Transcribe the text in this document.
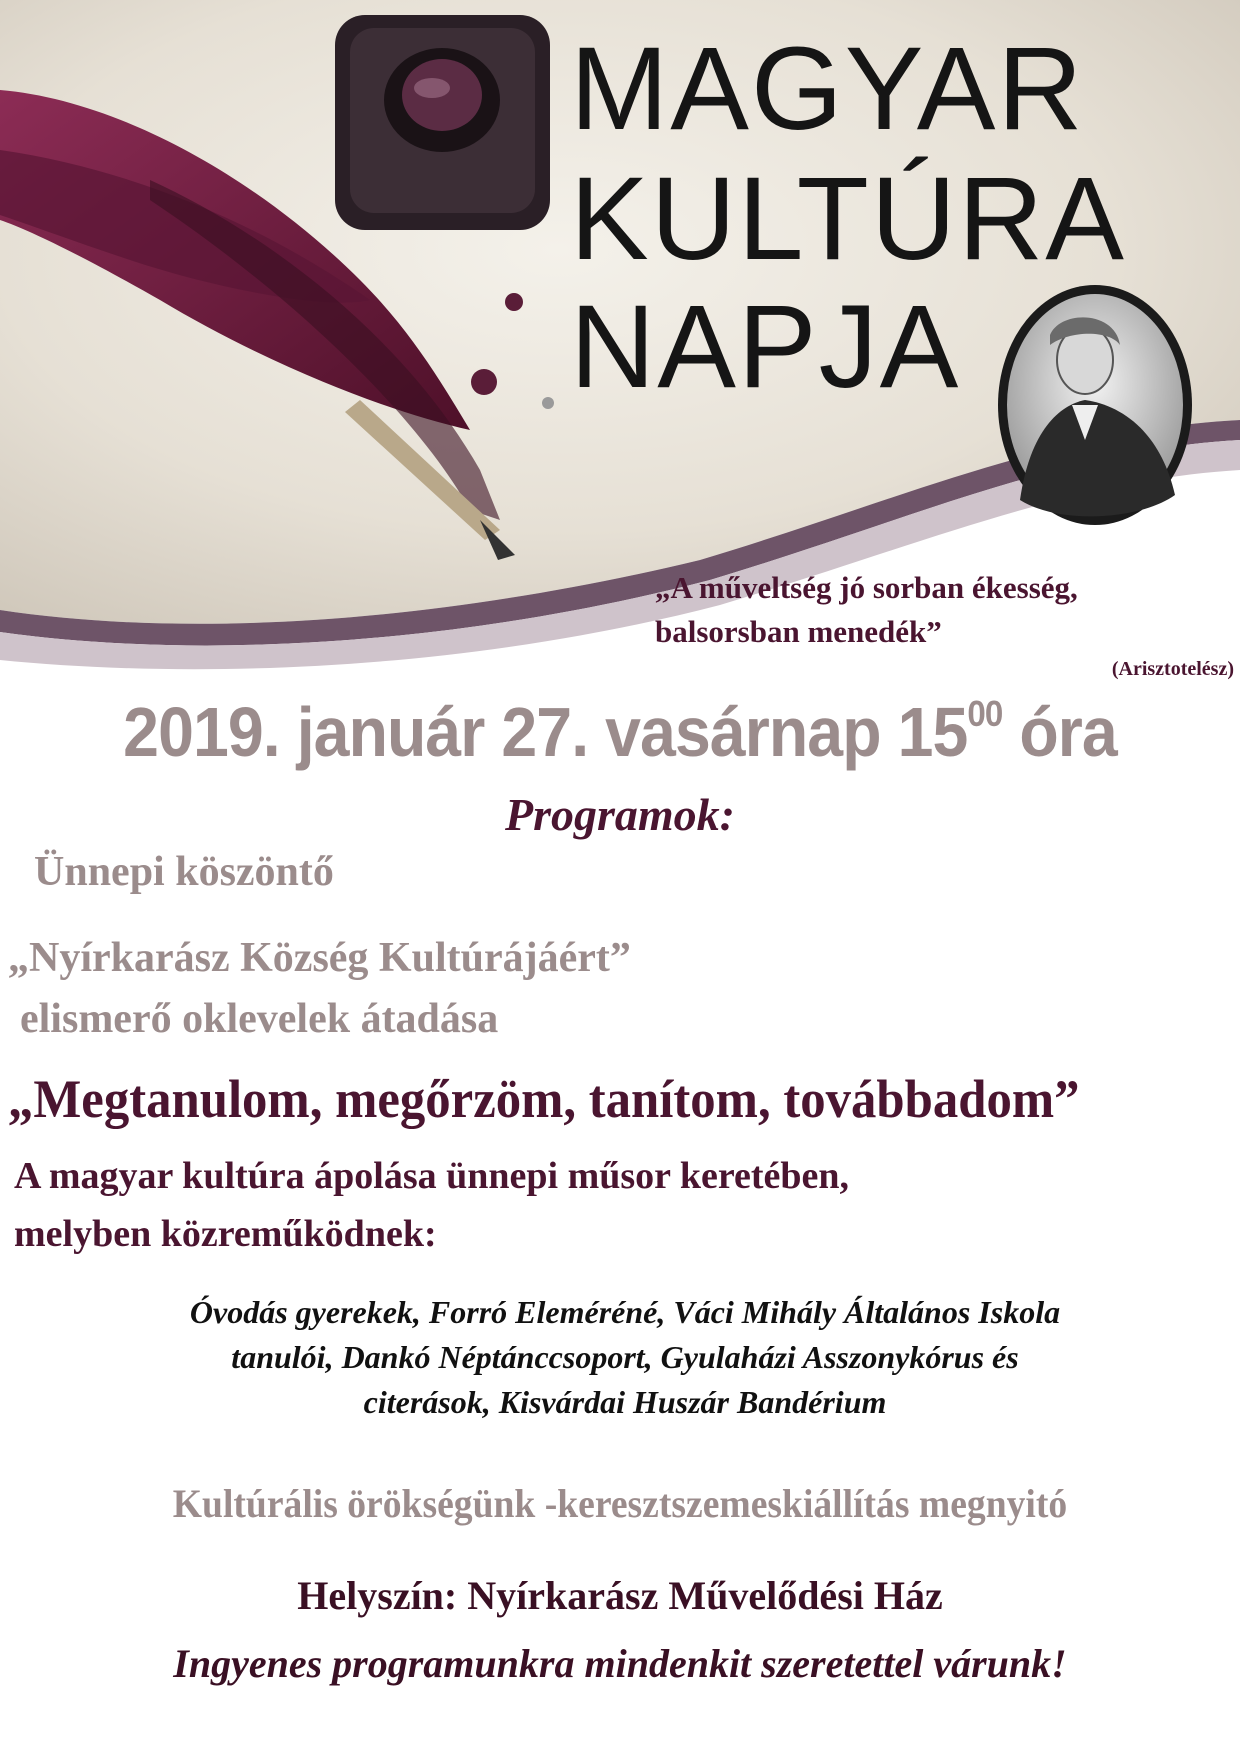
MAGYAR
KULTÚRA
NAPJA
„A műveltség jó sorban ékesség,
balsorsban menedék”
(Arisztotelész)
2019. január 27. vasárnap $15^{00}$ óra
Programok:
Ünnepi köszöntő
„Nyírkarász Község Kultúrájáért”
elismerő oklevelek átadása
„Megtanulom, megőrzöm, tanítom, továbbadom”
A magyar kultúra ápolása ünnepi műsor keretében,
melyben közreműködnek:
Óvodás gyerekek, Forró Eleméréné, Váci Mihály Általános Iskola
tanulói, Dankó Néptánccsoport, Gyulaházi Asszonykórus és
citerások, Kisvárdai Huszár Bandérium
Kultúrális örökségünk -keresztszemeskiállítás megnyitó
Helyszín: Nyírkarász Művelődési Ház
Ingyenes programunkra mindenkit szeretettel várunk!
